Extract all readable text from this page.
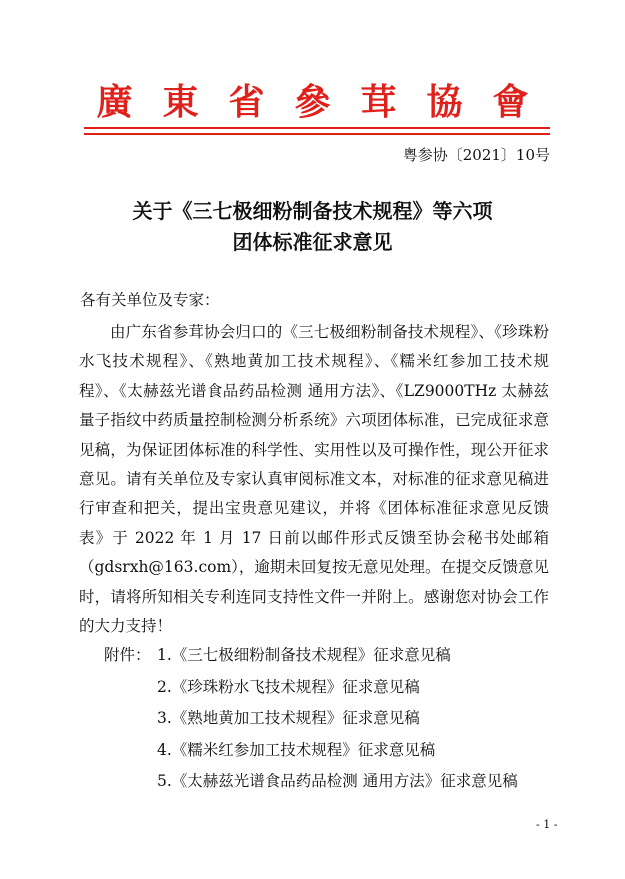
廣東省參茸協會
粤参协〔2021〕10号
关于《三七极细粉制备技术规程》等六项
团体标准征求意见
各有关单位及专家：
由广东省参茸协会归口的《三七极细粉制备技术规程》、《珍珠粉水飞技术规程》、《熟地黄加工技术规程》、《糯米红参加工技术规程》、《太赫兹光谱食品药品检测 通用方法》、《LZ9000THz 太赫兹量子指纹中药质量控制检测分析系统》六项团体标准，已完成征求意见稿，为保证团体标准的科学性、实用性以及可操作性，现公开征求意见。请有关单位及专家认真审阅标准文本，对标准的征求意见稿进行审查和把关，提出宝贵意见建议，并将《团体标准征求意见反馈表》于 2022 年 1 月 17 日前以邮件形式反馈至协会秘书处邮箱（gdsrxh@163.com），逾期未回复按无意见处理。在提交反馈意见时，请将所知相关专利连同支持性文件一并附上。感谢您对协会工作的大力支持！
附件： 1.《三七极细粉制备技术规程》征求意见稿
2.《珍珠粉水飞技术规程》征求意见稿
3.《熟地黄加工技术规程》征求意见稿
4.《糯米红参加工技术规程》征求意见稿
5.《太赫兹光谱食品药品检测 通用方法》征求意见稿
- 1 -
